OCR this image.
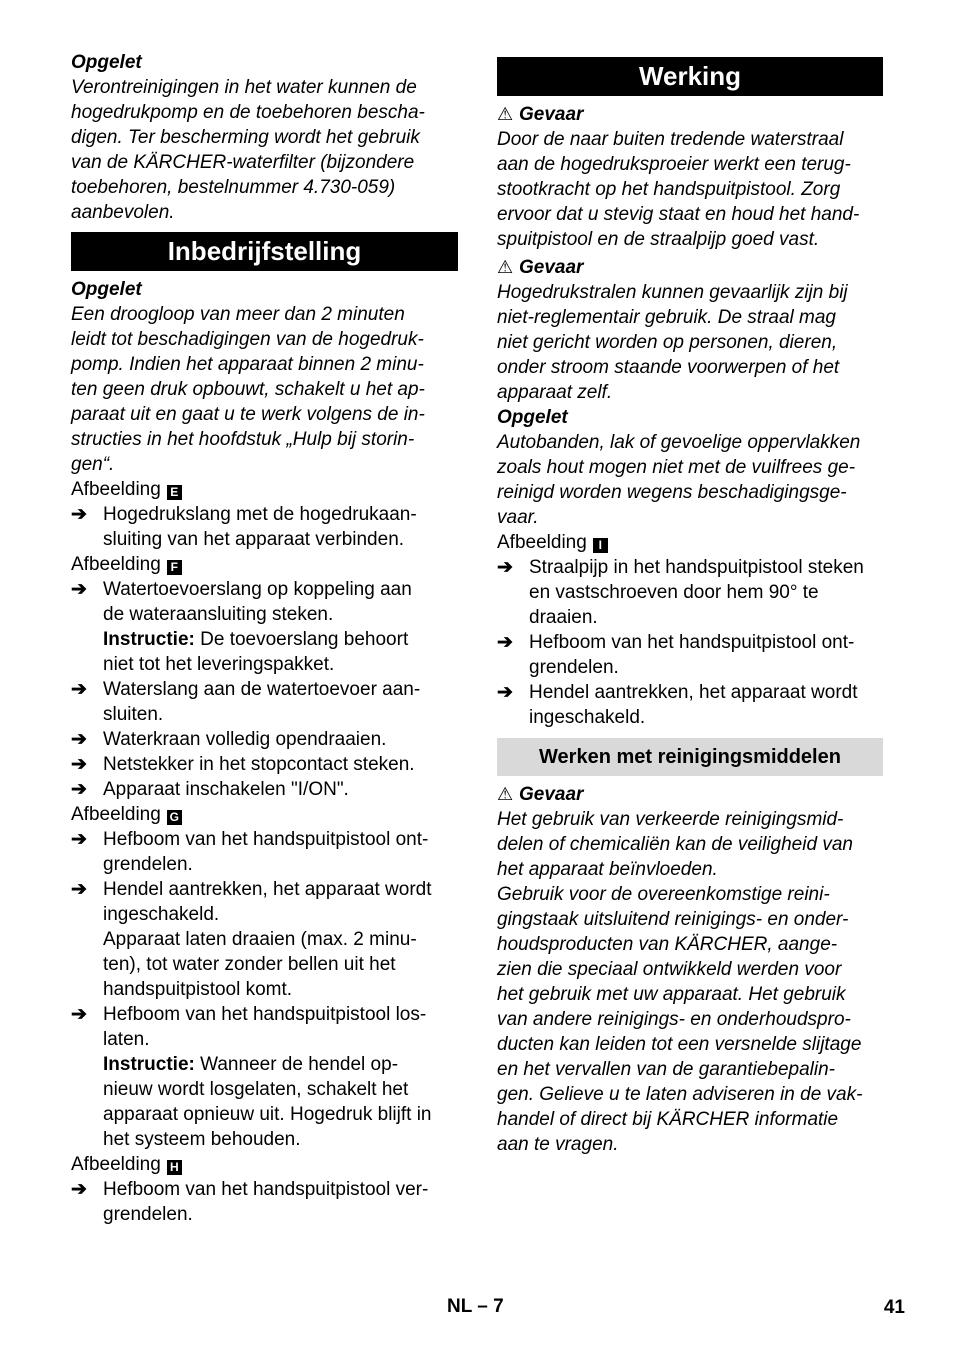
Opgelet
Verontreinigingen in het water kunnen de
hogedrukpomp en de toebehoren bescha-
digen. Ter bescherming wordt het gebruik
van de KÄRCHER-waterfilter (bijzondere
toebehoren, bestelnummer 4.730-059)
aanbevolen.
Inbedrijfstelling
Opgelet
Een droogloop van meer dan 2 minuten
leidt tot beschadigingen van de hogedruk-
pomp. Indien het apparaat binnen 2 minu-
ten geen druk opbouwt, schakelt u het ap-
paraat uit en gaat u te werk volgens de in-
structies in het hoofdstuk „Hulp bij storin-
gen“.
Afbeelding E
➔ Hogedrukslang met de hogedrukaan-
sluiting van het apparaat verbinden.
Afbeelding F
➔ Watertoevoerslang op koppeling aan
de wateraansluiting steken.
Instructie: De toevoerslang behoort
niet tot het leveringspakket.
➔ Waterslang aan de watertoevoer aan-
sluiten.
➔ Waterkraan volledig opendraaien.
➔ Netstekker in het stopcontact steken.
➔ Apparaat inschakelen "I/ON".
Afbeelding G
➔ Hefboom van het handspuitpistool ont-
grendelen.
➔ Hendel aantrekken, het apparaat wordt
ingeschakeld.
Apparaat laten draaien (max. 2 minu-
ten), tot water zonder bellen uit het
handspuitpistool komt.
➔ Hefboom van het handspuitpistool los-
laten.
Instructie: Wanneer de hendel op-
nieuw wordt losgelaten, schakelt het
apparaat opnieuw uit. Hogedruk blijft in
het systeem behouden.
Afbeelding H
➔ Hefboom van het handspuitpistool ver-
grendelen.
Werking
⚠ Gevaar
Door de naar buiten tredende waterstraal
aan de hogedruksproeier werkt een terug-
stootkracht op het handspuitpistool. Zorg
ervoor dat u stevig staat en houd het hand-
spuitpistool en de straalpijp goed vast.
⚠ Gevaar
Hogedrukstralen kunnen gevaarlijk zijn bij
niet-reglementair gebruik. De straal mag
niet gericht worden op personen, dieren,
onder stroom staande voorwerpen of het
apparaat zelf.
Opgelet
Autobanden, lak of gevoelige oppervlakken
zoals hout mogen niet met de vuilfrees ge-
reinigd worden wegens beschadigingsge-
vaar.
Afbeelding I
➔ Straalpijp in het handspuitpistool steken
en vastschroeven door hem 90° te
draaien.
➔ Hefboom van het handspuitpistool ont-
grendelen.
➔ Hendel aantrekken, het apparaat wordt
ingeschakeld.
Werken met reinigingsmiddelen
⚠ Gevaar
Het gebruik van verkeerde reinigingsmid-
delen of chemicaliën kan de veiligheid van
het apparaat beïnvloeden.
Gebruik voor de overeenkomstige reini-
gingstaak uitsluitend reinigings- en onder-
houdsproducten van KÄRCHER, aange-
zien die speciaal ontwikkeld werden voor
het gebruik met uw apparaat. Het gebruik
van andere reinigings- en onderhoudspro-
ducten kan leiden tot een versnelde slijtage
en het vervallen van de garantiebepalin-
gen. Gelieve u te laten adviseren in de vak-
handel of direct bij KÄRCHER informatie
aan te vragen.
NL – 7	41
